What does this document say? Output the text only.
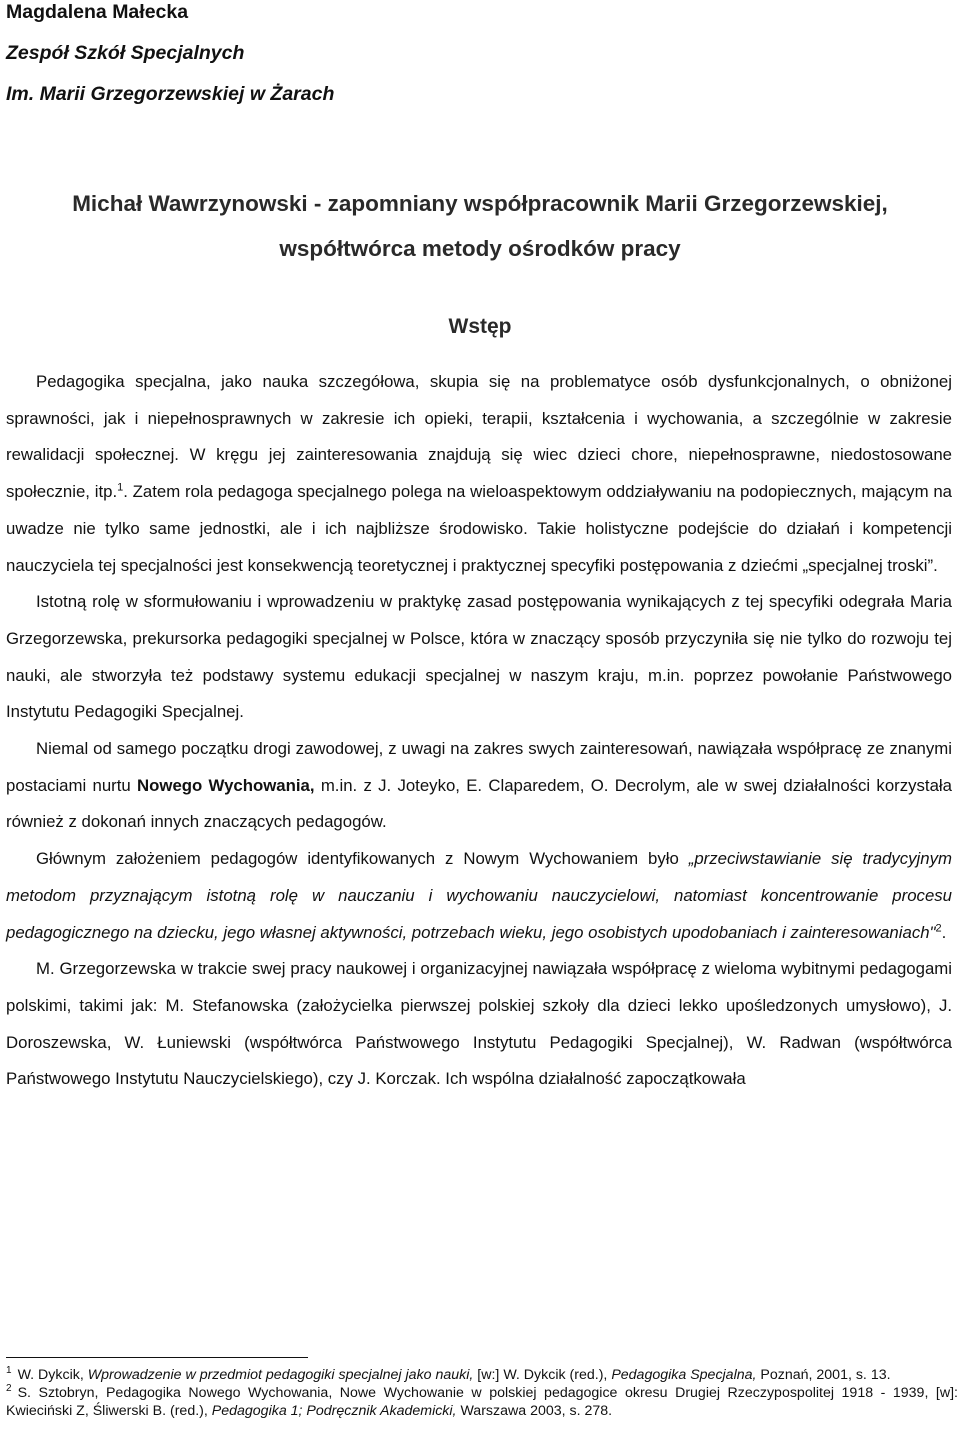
Magdalena Małecka
Zespół Szkół Specjalnych
Im. Marii Grzegorzewskiej w Żarach
Michał Wawrzynowski - zapomniany współpracownik Marii Grzegorzewskiej,
współtwórca metody ośrodków pracy
Wstęp

Pedagogika specjalna, jako nauka szczegółowa, skupia się na problematyce osób dysfunkcjonalnych, o obniżonej sprawności, jak i niepełnosprawnych w zakresie ich opieki, terapii, kształcenia i wychowania, a szczególnie w zakresie rewalidacji społecznej. W kręgu jej zainteresowania znajdują się wiec dzieci chore, niepełnosprawne, niedostosowane społecznie, itp.$^1$. Zatem rola pedagoga specjalnego polega na wieloaspektowym oddziaływaniu na podopiecznych, mającym na uwadze nie tylko same jednostki, ale i ich najbliższe środowisko. Takie holistyczne podejście do działań i kompetencji nauczyciela tej specjalności jest konsekwencją teoretycznej i praktycznej specyfiki postępowania z dziećmi „specjalnej troski”.

Istotną rolę w sformułowaniu i wprowadzeniu w praktykę zasad postępowania wynikających z tej specyfiki odegrała Maria Grzegorzewska, prekursorka pedagogiki specjalnej w Polsce, która w znaczący sposób przyczyniła się nie tylko do rozwoju tej nauki, ale stworzyła też podstawy systemu edukacji specjalnej w naszym kraju, m.in. poprzez powołanie Państwowego Instytutu Pedagogiki Specjalnej.

Niemal od samego początku drogi zawodowej, z uwagi na zakres swych zainteresowań, nawiązała współpracę ze znanymi postaciami nurtu Nowego Wychowania, m.in. z J. Joteyko, E. Claparedem, O. Decrolym, ale w swej działalności korzystała również z dokonań innych znaczących pedagogów.

Głównym założeniem pedagogów identyfikowanych z Nowym Wychowaniem było „przeciwstawianie się tradycyjnym metodom przyznającym istotną rolę w nauczaniu i wychowaniu nauczycielowi, natomiast koncentrowanie procesu pedagogicznego na dziecku, jego własnej aktywności, potrzebach wieku, jego osobistych upodobaniach i zainteresowaniach"$^2$.

M. Grzegorzewska w trakcie swej pracy naukowej i organizacyjnej nawiązała współpracę z wieloma wybitnymi pedagogami polskimi, takimi jak: M. Stefanowska (założycielka pierwszej polskiej szkoły dla dzieci lekko upośledzonych umysłowo), J. Doroszewska, W. Łuniewski (współtwórca Państwowego Instytutu Pedagogiki Specjalnej), W. Radwan (współtwórca Państwowego Instytutu Nauczycielskiego), czy J. Korczak. Ich wspólna działalność zapoczątkowała

$^1$ W. Dykcik, Wprowadzenie w przedmiot pedagogiki specjalnej jako nauki, [w:] W. Dykcik (red.), Pedagogika Specjalna, Poznań, 2001, s. 13.

$^2$ S. Sztobryn, Pedagogika Nowego Wychowania, Nowe Wychowanie w polskiej pedagogice okresu Drugiej Rzeczypospolitej 1918 - 1939, [w]: Kwieciński Z, Śliwerski B. (red.), Pedagogika 1; Podręcznik Akademicki, Warszawa 2003, s. 278.
